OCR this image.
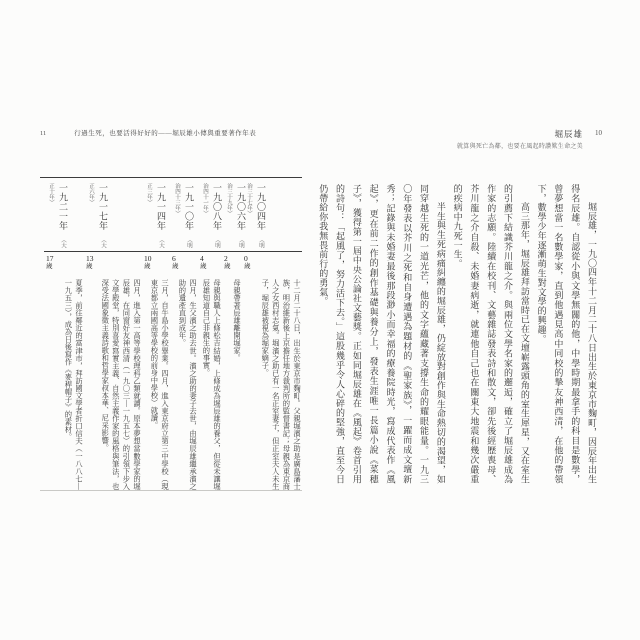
堀辰雄
就算與死亡為鄰，也要在風起時讚歎生命之美
10

堀辰雄，一九〇四年十二月二十八日出生於東京市麴町，因辰年出生得名辰雄。自認從小與文學無關的他，中學時期最拿手的科目是數學，曾夢想當一名數學家，直到他遇見高中同校的摯友神西清，在他的帶領下，數學少年逐漸萌生對文學的興趣。

高三那年，堀辰雄拜訪當時已在文壇嶄露頭角的室生犀星，又在室生的引薦下結識芥川龍之介。與兩位文學名家的邂逅，確立了堀辰雄成為作家的志願。陸續在校刊、文藝雜誌發表詩和散文，卻先後經歷喪母、芥川龍之介自殺、未婚妻病逝，就連他自己也在關東大地震和幾次嚴重的疾病中九死一生。

半生與生死病痛糾纏的堀辰雄，仍綻放對創作與生命熱切的渴望，如同穿越生死的一道光芒，他的文字蘊藏著支撐生命的耀眼能量。一九三〇年發表以芥川之死和自身遭遇為題材的《聖家族》，一躍而成文壇新秀；記錄與未婚妻最後那段渺小而幸福的療養院時光，寫成代表作《風起》，更在前二作的創作基礎與養分上，發表生涯唯一長篇小說《菜穗子》，獲得第一屆中央公論社文藝獎。正如同堀辰雄在《風起》卷首引用的詩句：「起風了，努力活下去。」這股幾乎令人心碎的堅強，直至今日仍帶給你我無畏前行的勇氣。

11	行過生死，也要活得好好的——堀辰雄小傳與重要著作年表
一九〇四年 （明治三十七年）
0
歲
十二月二十八日，出生於東京市麴町。父親堀濱之助是廣島藩士族，明治維新後上京擔任地方裁判所的監督書記；母親為東京商人之女西村志氣。堀濱之助已有一名正室妻子，但正室夫人未生子，堀辰雄被視為堀家嫡子。
一九〇六年 （明治三十九年）
2
歲
母親帶著辰雄離開堀家。
一九〇八年 （明治四十一年）
4
歲
母親與職人上條松吉結婚，上條成為堀辰雄的養父，但從未讓堀辰雄知道自己非親生的事實。
一九一〇年 （明治四十三年）
6
歲
四月，生父濱之助去世。濱之助的妻子去世，由堀辰雄繼承濱之助的遺產直到成年。
一九一四年 （大正三年）
10
歲
三月，自牛島小學校畢業。四月，進入東京府立第三中學校（現東京都立兩國高等學校的前身中學校）就讀。
一九一七年 （大正六年）
13
歲
四月，進入第一高等學校理科乙類就讀。原本夢想當數學家的堀辰雄，在同窗好友神西清（一九〇三—一九五七）的引領下步入文學殿堂，特別喜愛寫實主義、自然主義作家的風格與筆法，也深受法國象徵主義詩歌和哲學家叔本華、尼采影響。
一九二一年 （大正十年）
17
歲
夏季，前往鄰近的富津市，拜訪國文學者折口信夫（一八八七—一九五三），成為日後寫作《麥稈帽子》的素材。
